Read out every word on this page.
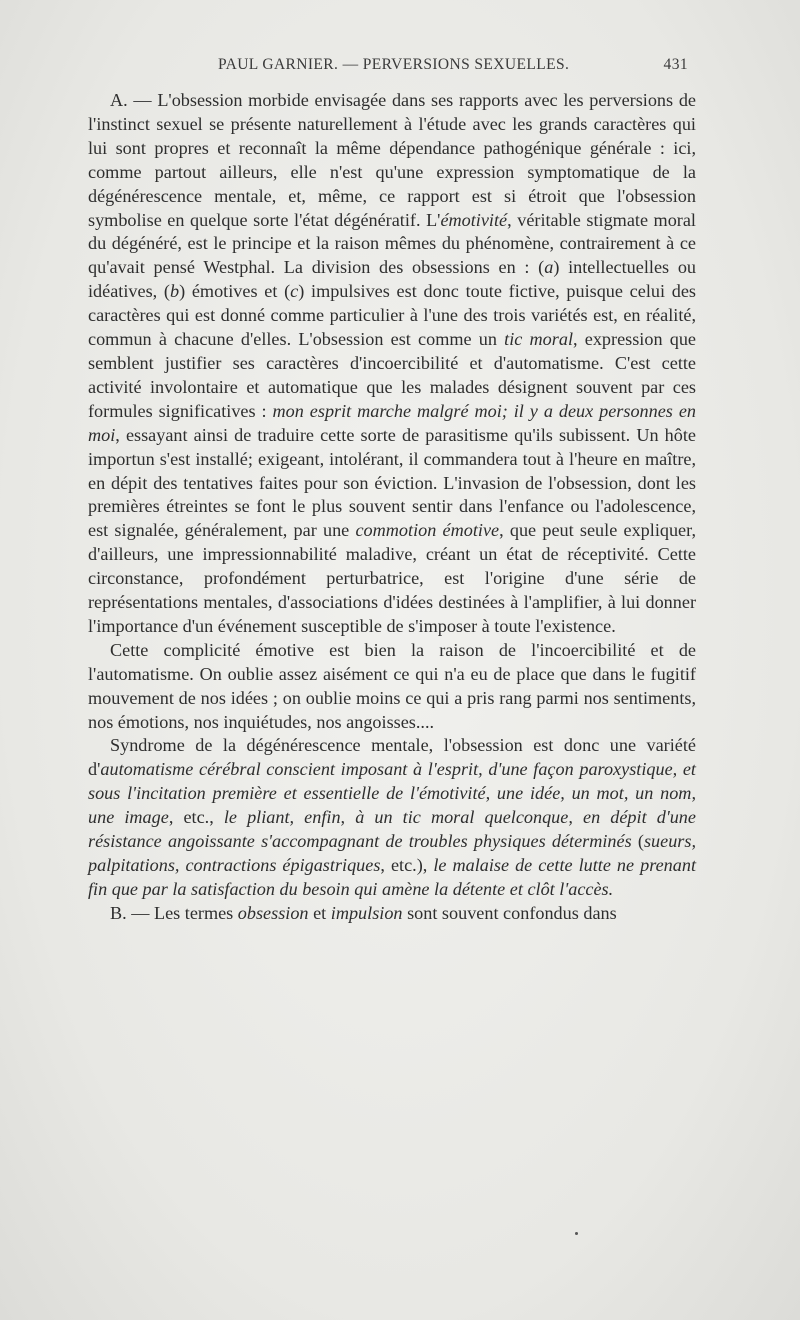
PAUL GARNIER. — PERVERSIONS SEXUELLES.	431

A. — L'obsession morbide envisagée dans ses rapports avec les perversions de l'instinct sexuel se présente naturellement à l'étude avec les grands caractères qui lui sont propres et reconnaît la même dépendance pathogénique générale : ici, comme partout ailleurs, elle n'est qu'une expression symptomatique de la dégénérescence mentale, et, même, ce rapport est si étroit que l'obsession symbolise en quelque sorte l'état dégénératif. L'émotivité, véritable stigmate moral du dégénéré, est le principe et la raison mêmes du phénomène, contrairement à ce qu'avait pensé Westphal. La division des obsessions en : (a) intellectuelles ou idéatives, (b) émotives et (c) impulsives est donc toute fictive, puisque celui des caractères qui est donné comme particulier à l'une des trois variétés est, en réalité, commun à chacune d'elles. L'obsession est comme un tic moral, expression que semblent justifier ses caractères d'incoercibilité et d'automatisme. C'est cette activité involontaire et automatique que les malades désignent souvent par ces formules significatives : mon esprit marche malgré moi; il y a deux personnes en moi, essayant ainsi de traduire cette sorte de parasitisme qu'ils subissent. Un hôte importun s'est installé; exigeant, intolérant, il commandera tout à l'heure en maître, en dépit des tentatives faites pour son éviction. L'invasion de l'obsession, dont les premières étreintes se font le plus souvent sentir dans l'enfance ou l'adolescence, est signalée, généralement, par une commotion émotive, que peut seule expliquer, d'ailleurs, une impressionnabilité maladive, créant un état de réceptivité. Cette circonstance, profondément perturbatrice, est l'origine d'une série de représentations mentales, d'associations d'idées destinées à l'amplifier, à lui donner l'importance d'un événement susceptible de s'imposer à toute l'existence.

Cette complicité émotive est bien la raison de l'incoercibilité et de l'automatisme. On oublie assez aisément ce qui n'a eu de place que dans le fugitif mouvement de nos idées ; on oublie moins ce qui a pris rang parmi nos sentiments, nos émotions, nos inquiétudes, nos angoisses....

Syndrome de la dégénérescence mentale, l'obsession est donc une variété d'automatisme cérébral conscient imposant à l'esprit, d'une façon paroxystique, et sous l'incitation première et essentielle de l'émotivité, une idée, un mot, un nom, une image, etc., le pliant, enfin, à un tic moral quelconque, en dépit d'une résistance angoissante s'accompagnant de troubles physiques déterminés (sueurs, palpitations, contractions épigastriques, etc.), le malaise de cette lutte ne prenant fin que par la satisfaction du besoin qui amène la détente et clôt l'accès.

B. — Les termes obsession et impulsion sont souvent confondus dans
